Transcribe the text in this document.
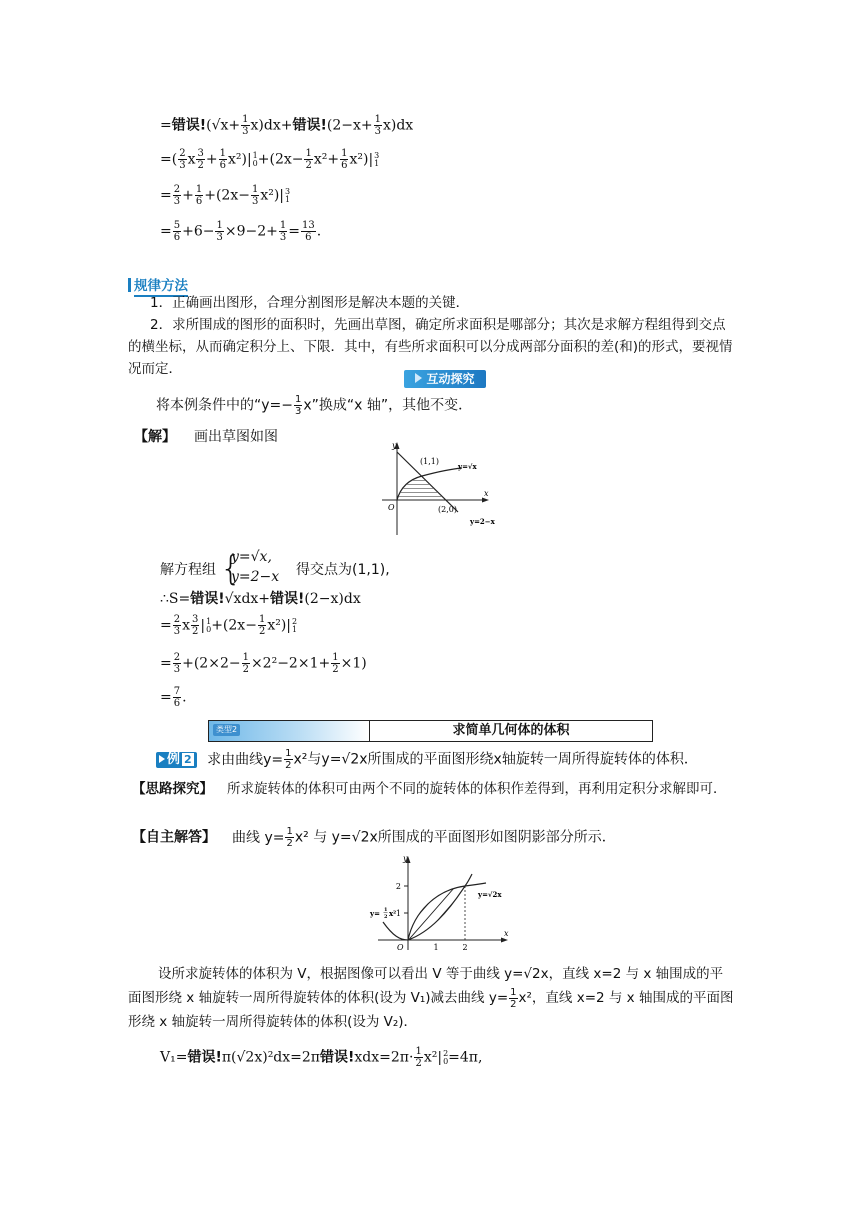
=错误$!(√x+ \frac{1}{3} x)dx+$错误$!(2-x+ \frac{1}{3} x)dx$
=( $\frac{2}{3}$ x $\frac{3}{2} + \frac{1}{6} x^2)|$ 1
$0 +(2x- \frac{1}{2} x^2+ \frac{1}{6} x^2)|$ 3
1
= $\frac{2}{3} + \frac{1}{6} +(2x- \frac{1}{3} x^2)|$ 3
1
= $\frac{5}{6} +6- \frac{1}{3} \times 9-2+ \frac{1}{3} = \frac{13}{6}$ .
规律方法
1．正确画出图形，合理分割图形是解决本题的关键．
2．求所围成的图形的面积时，先画出草图，确定所求面积是哪部分；其次是求解方程组得到交点的横坐标，从而确定积分上、下限．其中，有些所求面积可以分成两部分面积的差(和)的形式，要视情况而定．
互动探究
将本例条件中的“$y=- \frac{1}{3} x$”换成“x 轴”，其他不变．
【解】 画出草图如图
y
x
O
(1,1)
(2,0)
y=√x
y=2−x
解方程组 {
y=√x,
y=2−x 得交点为(1,1),
∴S=错误!√xdx+错误!(2−x)dx
= $\frac{2}{3}$ x $\frac{3}{2}$ | 1
$0 +(2x- \frac{1}{2} x^2)|$ 2
1
= $\frac{2}{3} +(2\times 2- \frac{1}{2} \times 2^2-2\times 1+ \frac{1}{2} \times 1)$
= $\frac{7}{6}$ .
类型2	求简单几何体的体积
例 2 求由曲线$y= \frac{1}{2} x^2$与y=√2x所围成的平面图形绕x轴旋转一周所得旋转体的体积．
【思路探究】 所求旋转体的体积可由两个不同的旋转体的体积作差得到，再利用定积分求解即可．
【自主解答】 曲线 $y= \frac{1}{2} x^2$ 与 y=√2x所围成的平面图形如图阴影部分所示．
y
x
O
2
1
1	2
y=√2x
y= 1
2 x²
设所求旋转体的体积为 V，根据图像可以看出 V 等于曲线 y=√2x，直线 x=2 与 x 轴围成的平面图形绕 x 轴旋转一周所得旋转体的体积(设为 V₁)减去曲线 $y= \frac{1}{2} x^2$，直线 x=2 与 x 轴围成的平面图形绕 x 轴旋转一周所得旋转体的体积(设为 V₂)．
V₁=错误!π(√2x)²dx=2π错误$!xdx=2\pi\cdot \frac{1}{2} x^2|$ 2
0 =4π,
